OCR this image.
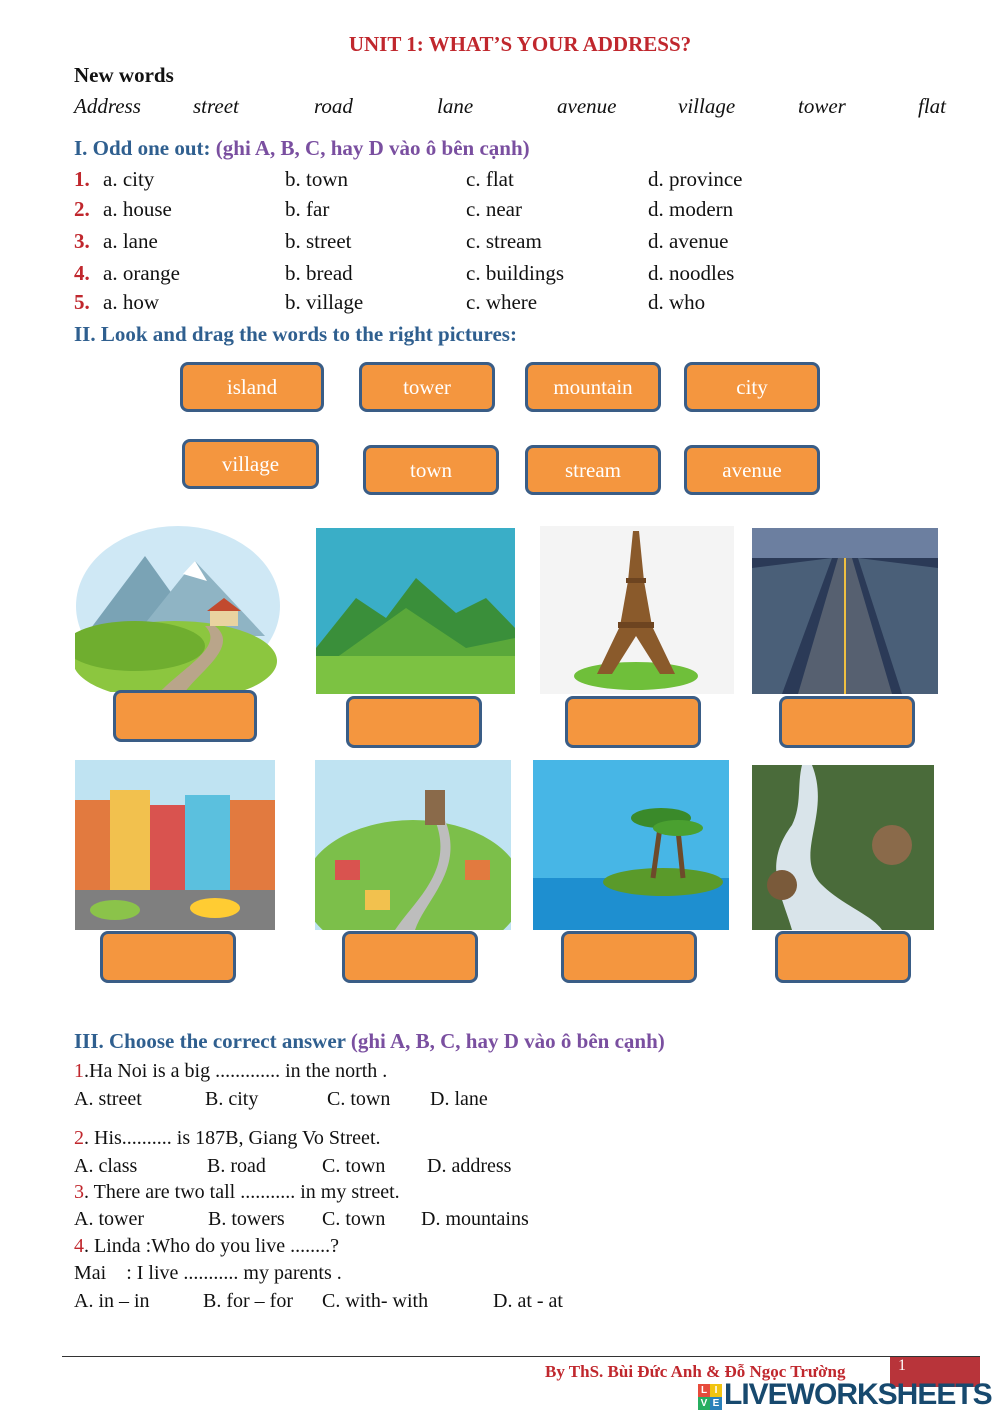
UNIT 1: WHAT’S YOUR ADDRESS?
New words
Address street	road	lane	avenue	village	tower	flat
I. Odd one out: (ghi A, B, C, hay D vào ô bên cạnh)
1. a. city	b. town	c. flat	d. province
2. a. house	b. far	c. near	d. modern
3. a. lane	b. street	c. stream	d. avenue
4. a. orange	b. bread	c. buildings	d. noodles
5. a. how	b. village	c. where	d. who
II. Look and drag the words to the right pictures:
island	tower	mountain	city
village	town	stream	avenue
III. Choose the correct answer (ghi A, B, C, hay D vào ô bên cạnh)
1.Ha Noi is a big ............. in the north .
A. street	B. city	C. town D. lane
2. His.......... is 187B, Giang Vo Street.
A. class	B. road	C. town D. address
3. There are two tall ........... in my street.
A. tower	B. towers C. town D. mountains
4. Linda :Who do you live ........?
Mai    : I live ........... my parents .
A. in – in	B. for – for C. with- with	D. at - at
1
By ThS. Bùi Đức Anh & Đỗ Ngọc Trường
L I
V E LIVEWORKSHEETS
